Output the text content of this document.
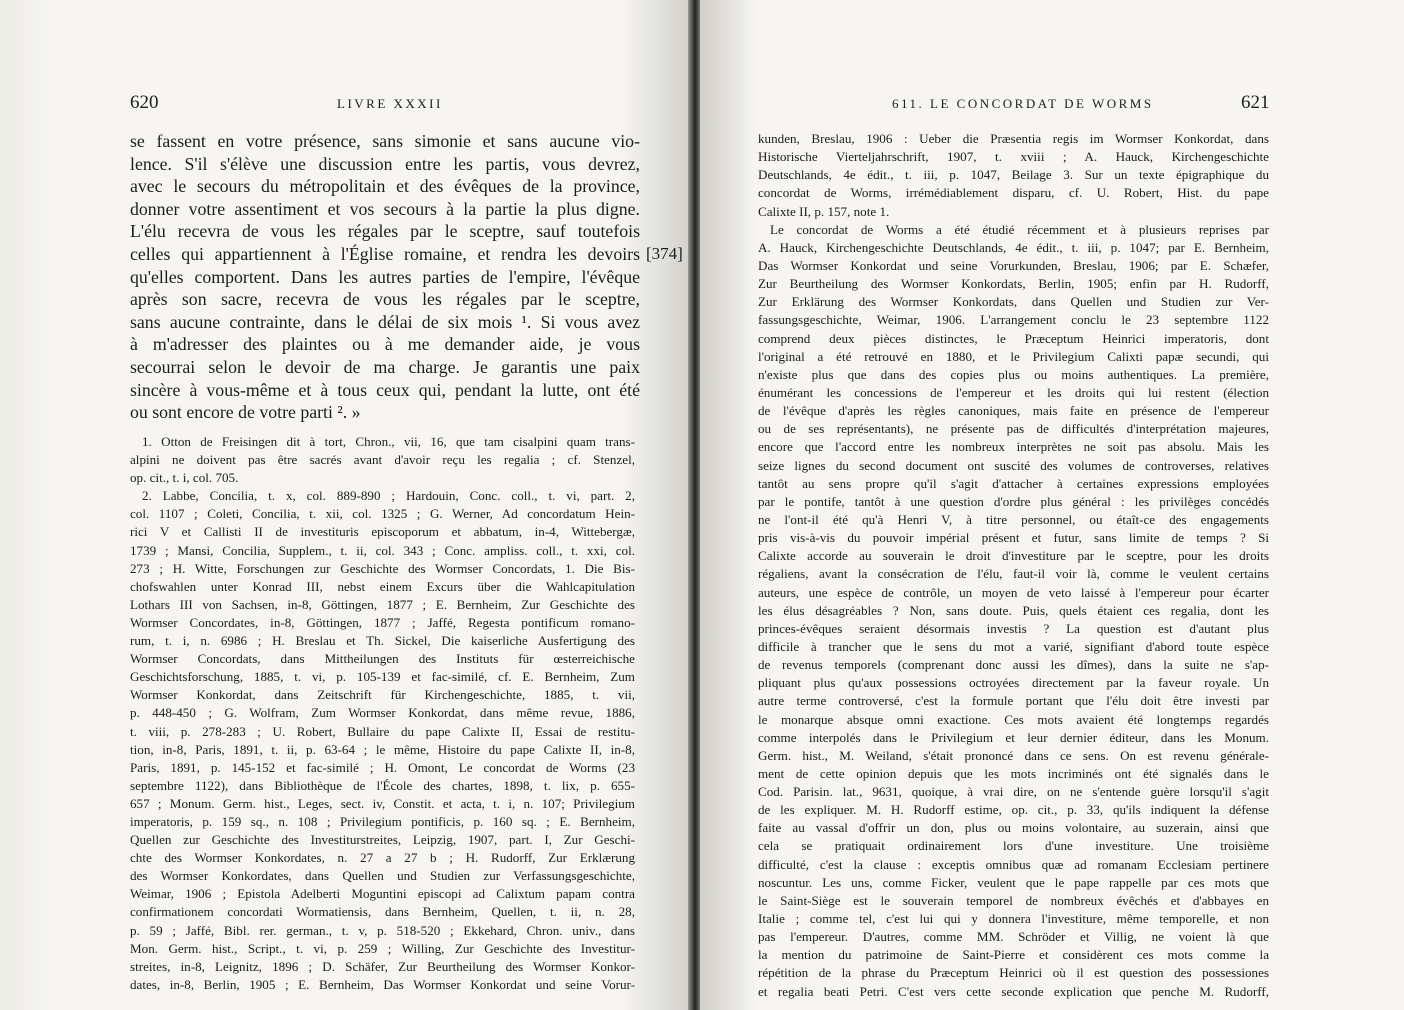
620	LIVRE XXXII
se fassent en votre présence, sans simonie et sans aucune vio-
lence. S'il s'élève une discussion entre les partis, vous devrez,
avec le secours du métropolitain et des évêques de la province,
donner votre assentiment et vos secours à la partie la plus digne.
L'élu recevra de vous les régales par le sceptre, sauf toutefois
celles qui appartiennent à l'Église romaine, et rendra les devoirs
qu'elles comportent. Dans les autres parties de l'empire, l'évêque
après son sacre, recevra de vous les régales par le sceptre,
sans aucune contrainte, dans le délai de six mois ¹. Si vous avez
à m'adresser des plaintes ou à me demander aide, je vous
secourrai selon le devoir de ma charge. Je garantis une paix
sincère à vous-même et à tous ceux qui, pendant la lutte, ont été
ou sont encore de votre parti ². »
1. Otton de Freisingen dit à tort, Chron., vii, 16, que tam cisalpini quam trans-
alpini ne doivent pas être sacrés avant d'avoir reçu les regalia ; cf. Stenzel,
op. cit., t. i, col. 705.
2. Labbe, Concilia, t. x, col. 889-890 ; Hardouin, Conc. coll., t. vi, part. 2,
col. 1107 ; Coleti, Concilia, t. xii, col. 1325 ; G. Werner, Ad concordatum Hein-
rici V et Callisti II de investituris episcoporum et abbatum, in-4, Wittebergæ,
1739 ; Mansi, Concilia, Supplem., t. ii, col. 343 ; Conc. ampliss. coll., t. xxi, col.
273 ; H. Witte, Forschungen zur Geschichte des Wormser Concordats, 1. Die Bis-
chofswahlen unter Konrad III, nebst einem Excurs über die Wahlcapitulation
Lothars III von Sachsen, in-8, Göttingen, 1877 ; E. Bernheim, Zur Geschichte des
Wormser Concordates, in-8, Göttingen, 1877 ; Jaffé, Regesta pontificum romano-
rum, t. i, n. 6986 ; H. Breslau et Th. Sickel, Die kaiserliche Ausfertigung des
Wormser Concordats, dans Mittheilungen des Instituts für œsterreichische
Geschichtsforschung, 1885, t. vi, p. 105-139 et fac-similé, cf. E. Bernheim, Zum
Wormser Konkordat, dans Zeitschrift für Kirchengeschichte, 1885, t. vii,
p. 448-450 ; G. Wolfram, Zum Wormser Konkordat, dans même revue, 1886,
t. viii, p. 278-283 ; U. Robert, Bullaire du pape Calixte II, Essai de restitu-
tion, in-8, Paris, 1891, t. ii, p. 63-64 ; le même, Histoire du pape Calixte II, in-8,
Paris, 1891, p. 145-152 et fac-similé ; H. Omont, Le concordat de Worms (23
septembre 1122), dans Bibliothèque de l'École des chartes, 1898, t. lix, p. 655-
657 ; Monum. Germ. hist., Leges, sect. iv, Constit. et acta, t. i, n. 107; Privilegium
imperatoris, p. 159 sq., n. 108 ; Privilegium pontificis, p. 160 sq. ; E. Bernheim,
Quellen zur Geschichte des Investiturstreites, Leipzig, 1907, part. I, Zur Geschi-
chte des Wormser Konkordates, n. 27 a 27 b ; H. Rudorff, Zur Erklærung
des Wormser Konkordates, dans Quellen und Studien zur Verfassungsgeschichte,
Weimar, 1906 ; Epistola Adelberti Moguntini episcopi ad Calixtum papam contra
confirmationem concordati Wormatiensis, dans Bernheim, Quellen, t. ii, n. 28,
p. 59 ; Jaffé, Bibl. rer. german., t. v, p. 518-520 ; Ekkehard, Chron. univ., dans
Mon. Germ. hist., Script., t. vi, p. 259 ; Willing, Zur Geschichte des Investitur-
streites, in-8, Leignitz, 1896 ; D. Schäfer, Zur Beurtheilung des Wormser Konkor-
dates, in-8, Berlin, 1905 ; E. Bernheim, Das Wormser Konkordat und seine Vorur-
[374]
611. LE CONCORDAT DE WORMS	621
kunden, Breslau, 1906 : Ueber die Præsentia regis im Wormser Konkordat, dans
Historische Vierteljahrschrift, 1907, t. xviii ; A. Hauck, Kirchengeschichte
Deutschlands, 4e édit., t. iii, p. 1047, Beilage 3. Sur un texte épigraphique du
concordat de Worms, irrémédiablement disparu, cf. U. Robert, Hist. du pape
Calixte II, p. 157, note 1.
Le concordat de Worms a été étudié récemment et à plusieurs reprises par
A. Hauck, Kirchengeschichte Deutschlands, 4e édit., t. iii, p. 1047; par E. Bernheim,
Das Wormser Konkordat und seine Vorurkunden, Breslau, 1906; par E. Schæfer,
Zur Beurtheilung des Wormser Konkordats, Berlin, 1905; enfin par H. Rudorff,
Zur Erklärung des Wormser Konkordats, dans Quellen und Studien zur Ver-
fassungsgeschichte, Weimar, 1906. L'arrangement conclu le 23 septembre 1122
comprend deux pièces distinctes, le Præceptum Heinrici imperatoris, dont
l'original a été retrouvé en 1880, et le Privilegium Calixti papæ secundi, qui
n'existe plus que dans des copies plus ou moins authentiques. La première,
énumérant les concessions de l'empereur et les droits qui lui restent (élection
de l'évêque d'après les règles canoniques, mais faite en présence de l'empereur
ou de ses représentants), ne présente pas de difficultés d'interprétation majeures,
encore que l'accord entre les nombreux interprètes ne soit pas absolu. Mais les
seize lignes du second document ont suscité des volumes de controverses, relatives
tantôt au sens propre qu'il s'agit d'attacher à certaines expressions employées
par le pontife, tantôt à une question d'ordre plus général : les privilèges concédés
ne l'ont-il été qu'à Henri V, à titre personnel, ou étaît-ce des engagements
pris vis-à-vis du pouvoir impérial présent et futur, sans limite de temps ? Si
Calixte accorde au souverain le droit d'investiture par le sceptre, pour les droits
régaliens, avant la consécration de l'élu, faut-il voir là, comme le veulent certains
auteurs, une espèce de contrôle, un moyen de veto laissé à l'empereur pour écarter
les élus désagréables ? Non, sans doute. Puis, quels étaient ces regalia, dont les
princes-évêques seraient désormais investis ? La question est d'autant plus
difficile à trancher que le sens du mot a varié, signifiant d'abord toute espèce
de revenus temporels (comprenant donc aussi les dîmes), dans la suite ne s'ap-
pliquant plus qu'aux possessions octroyées directement par la faveur royale. Un
autre terme controversé, c'est la formule portant que l'élu doit être investi par
le monarque absque omni exactione. Ces mots avaient été longtemps regardés
comme interpolés dans le Privilegium et leur dernier éditeur, dans les Monum.
Germ. hist., M. Weiland, s'était prononcé dans ce sens. On est revenu générale-
ment de cette opinion depuis que les mots incriminés ont été signalés dans le
Cod. Parisin. lat., 9631, quoique, à vrai dire, on ne s'entende guère lorsqu'il s'agit
de les expliquer. M. H. Rudorff estime, op. cit., p. 33, qu'ils indiquent la défense
faite au vassal d'offrir un don, plus ou moins volontaire, au suzerain, ainsi que
cela se pratiquait ordinairement lors d'une investiture. Une troisième
difficulté, c'est la clause : exceptis omnibus quæ ad romanam Ecclesiam pertinere
noscuntur. Les uns, comme Ficker, veulent que le pape rappelle par ces mots que
le Saint-Siège est le souverain temporel de nombreux évêchés et d'abbayes en
Italie ; comme tel, c'est lui qui y donnera l'investiture, même temporelle, et non
pas l'empereur. D'autres, comme MM. Schröder et Villig, ne voient là que
la mention du patrimoine de Saint-Pierre et considèrent ces mots comme la
répétition de la phrase du Præceptum Heinrici où il est question des possessiones
et regalia beati Petri. C'est vers cette seconde explication que penche M. Rudorff,
